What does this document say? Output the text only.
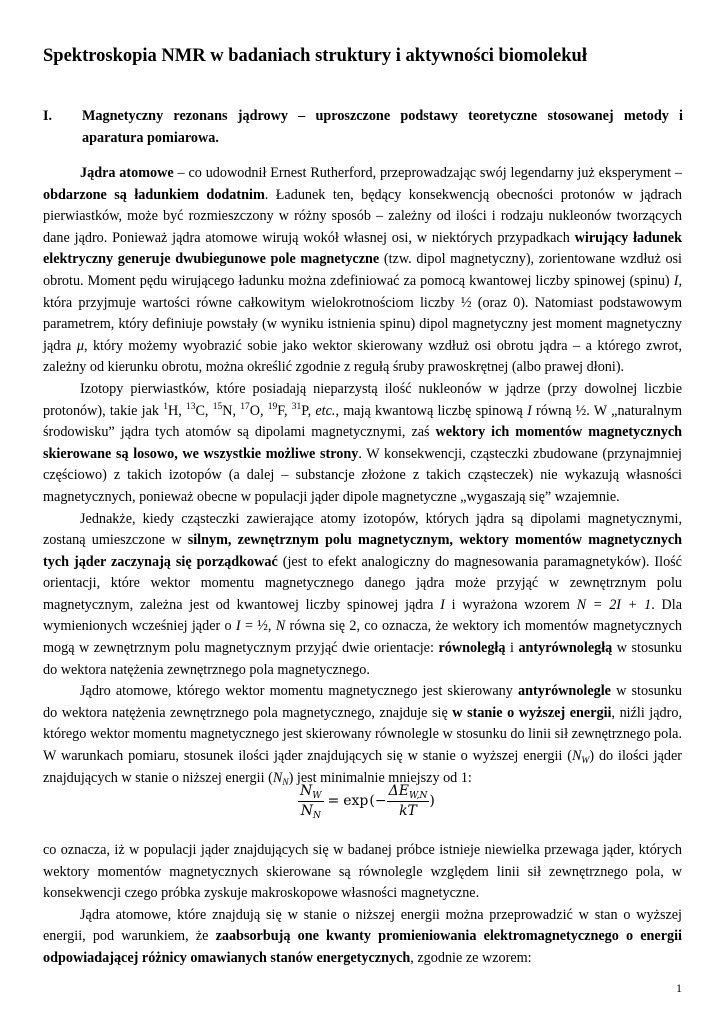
Spektroskopia NMR w badaniach struktury i aktywności biomolekuł
I.	Magnetyczny rezonans jądrowy – uproszczone podstawy teoretyczne stosowanej metody i aparatura pomiarowa.

Jądra atomowe – co udowodnił Ernest Rutherford, przeprowadzając swój legendarny już eksperyment – obdarzone są ładunkiem dodatnim. Ładunek ten, będący konsekwencją obecności protonów w jądrach pierwiastków, może być rozmieszczony w różny sposób – zależny od ilości i rodzaju nukleonów tworzących dane jądro. Ponieważ jądra atomowe wirują wokół własnej osi, w niektórych przypadkach wirujący ładunek elektryczny generuje dwubiegunowe pole magnetyczne (tzw. dipol magnetyczny), zorientowane wzdłuż osi obrotu. Moment pędu wirującego ładunku można zdefiniować za pomocą kwantowej liczby spinowej (spinu) I, która przyjmuje wartości równe całkowitym wielokrotnościom liczby ½ (oraz 0). Natomiast podstawowym parametrem, który definiuje powstały (w wyniku istnienia spinu) dipol magnetyczny jest moment magnetyczny jądra μ, który możemy wyobrazić sobie jako wektor skierowany wzdłuż osi obrotu jądra – a którego zwrot, zależny od kierunku obrotu, można określić zgodnie z regułą śruby prawoskrętnej (albo prawej dłoni).

Izotopy pierwiastków, które posiadają nieparzystą ilość nukleonów w jądrze (przy dowolnej liczbie protonów), takie jak $^1$H, $^{13}$C, $^{15}$N, $^{17}$O, $^{19}$F, $^{31}$P, etc., mają kwantową liczbę spinową I równą ½. W „naturalnym środowisku” jądra tych atomów są dipolami magnetycznymi, zaś wektory ich momentów magnetycznych skierowane są losowo, we wszystkie możliwe strony. W konsekwencji, cząsteczki zbudowane (przynajmniej częściowo) z takich izotopów (a dalej – substancje złożone z takich cząsteczek) nie wykazują własności magnetycznych, ponieważ obecne w populacji jąder dipole magnetyczne „wygaszają się” wzajemnie.

Jednakże, kiedy cząsteczki zawierające atomy izotopów, których jądra są dipolami magnetycznymi, zostaną umieszczone w silnym, zewnętrznym polu magnetycznym, wektory momentów magnetycznych tych jąder zaczynają się porządkować (jest to efekt analogiczny do magnesowania paramagnetyków). Ilość orientacji, które wektor momentu magnetycznego danego jądra może przyjąć w zewnętrznym polu magnetycznym, zależna jest od kwantowej liczby spinowej jądra I i wyrażona wzorem N = 2I + 1. Dla wymienionych wcześniej jąder o I = ½, N równa się 2, co oznacza, że wektory ich momentów magnetycznych mogą w zewnętrznym polu magnetycznym przyjąć dwie orientacje: równoległą i antyrównoległą w stosunku do wektora natężenia zewnętrznego pola magnetycznego.

Jądro atomowe, którego wektor momentu magnetycznego jest skierowany antyrównolegle w stosunku do wektora natężenia zewnętrznego pola magnetycznego, znajduje się w stanie o wyższej energii, niźli jądro, którego wektor momentu magnetycznego jest skierowany równolegle w stosunku do linii sił zewnętrznego pola. W warunkach pomiaru, stosunek ilości jąder znajdujących się w stanie o wyższej energii $(N_W)$ do ilości jąder znajdujących w stanie o niższej energii $(N_N)$ jest minimalnie mniejszy od 1:

$\frac{N_W}{N_N} = \exp$ (− $\frac{\Delta E_{W,N}}{kT}$ )

co oznacza, iż w populacji jąder znajdujących się w badanej próbce istnieje niewielka przewaga jąder, których wektory momentów magnetycznych skierowane są równolegle względem linii sił zewnętrznego pola, w konsekwencji czego próbka zyskuje makroskopowe własności magnetyczne.

Jądra atomowe, które znajdują się w stanie o niższej energii można przeprowadzić w stan o wyższej energii, pod warunkiem, że zaabsorbują one kwanty promieniowania elektromagnetycznego o energii odpowiadającej różnicy omawianych stanów energetycznych, zgodnie ze wzorem:

1
